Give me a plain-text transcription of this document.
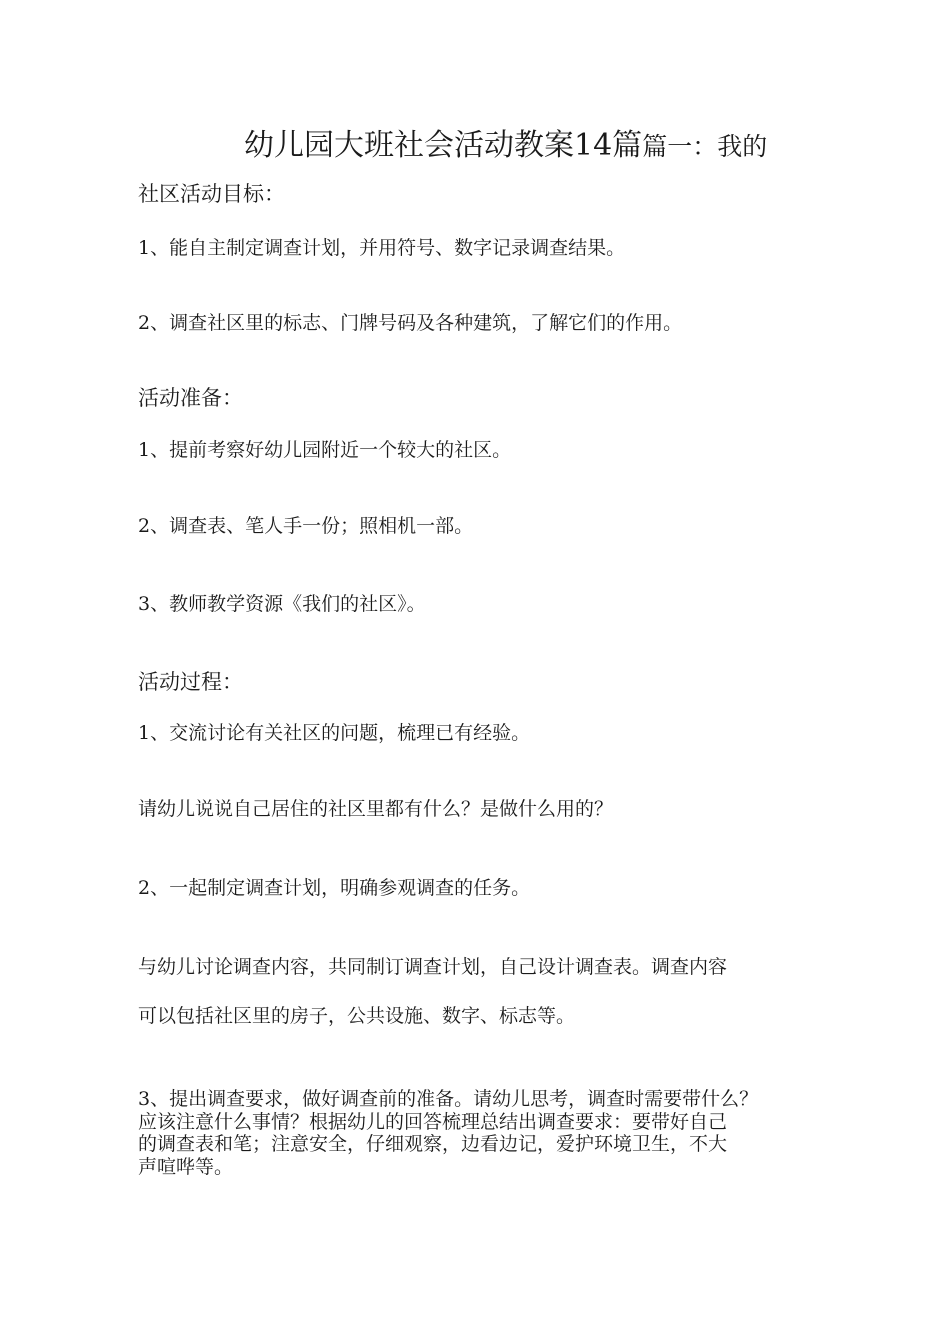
幼儿园大班社会活动教案14篇篇一：我的

社区活动目标：

1、能自主制定调查计划，并用符号、数字记录调查结果。

2、调查社区里的标志、门牌号码及各种建筑，了解它们的作用。

活动准备：

1、提前考察好幼儿园附近一个较大的社区。

2、调查表、笔人手一份；照相机一部。

3、教师教学资源《我们的社区》。

活动过程：

1、交流讨论有关社区的问题，梳理已有经验。

请幼儿说说自己居住的社区里都有什么？是做什么用的？

2、一起制定调查计划，明确参观调查的任务。

与幼儿讨论调查内容，共同制订调查计划，自己设计调查表。调查内容

可以包括社区里的房子，公共设施、数字、标志等。

3、提出调查要求，做好调查前的准备。请幼儿思考，调查时需要带什么？
应该注意什么事情？根据幼儿的回答梳理总结出调查要求：要带好自己
的调查表和笔；注意安全，仔细观察，边看边记，爱护环境卫生，不大
声喧哗等。
